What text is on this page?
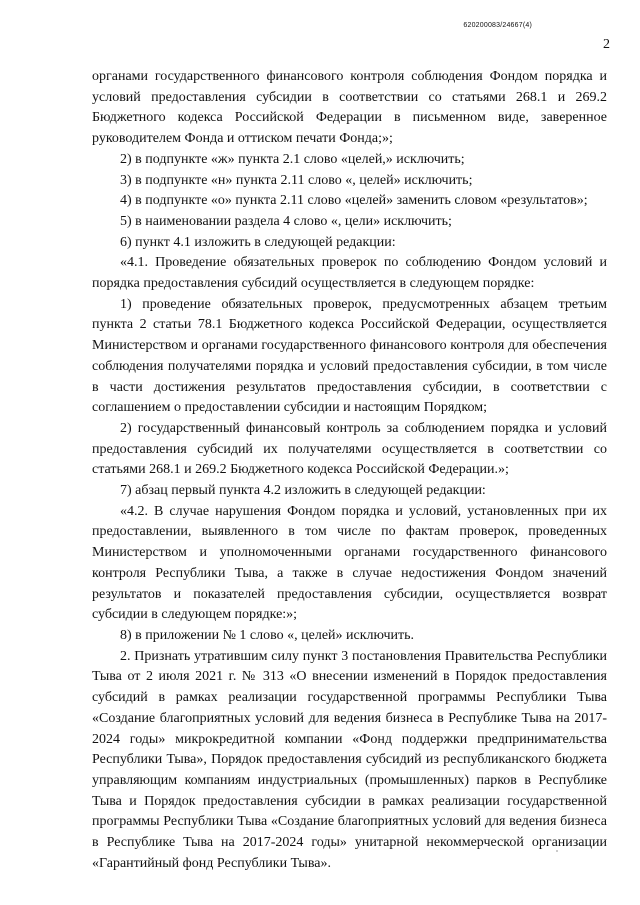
620200083/24667(4)
2

органами государственного финансового контроля соблюдения Фондом порядка и условий предоставления субсидии в соответствии со статьями 268.1 и 269.2 Бюджетного кодекса Российской Федерации в письменном виде, заверенное руководителем Фонда и оттиском печати Фонда;»;

2) в подпункте «ж» пункта 2.1 слово «целей,» исключить;

3) в подпункте «н» пункта 2.11 слово «, целей» исключить;

4) в подпункте «о» пункта 2.11 слово «целей» заменить словом «результатов»;

5) в наименовании раздела 4 слово «, цели» исключить;

6) пункт 4.1 изложить в следующей редакции:

«4.1. Проведение обязательных проверок по соблюдению Фондом условий и порядка предоставления субсидий осуществляется в следующем порядке:

1) проведение обязательных проверок, предусмотренных абзацем третьим пункта 2 статьи 78.1 Бюджетного кодекса Российской Федерации, осуществляется Министерством и органами государственного финансового контроля для обеспечения соблюдения получателями порядка и условий предоставления субсидии, в том числе в части достижения результатов предоставления субсидии, в соответствии с соглашением о предоставлении субсидии и настоящим Порядком;

2) государственный финансовый контроль за соблюдением порядка и условий предоставления субсидий их получателями осуществляется в соответствии со статьями 268.1 и 269.2 Бюджетного кодекса Российской Федерации.»;

7) абзац первый пункта 4.2 изложить в следующей редакции:

«4.2. В случае нарушения Фондом порядка и условий, установленных при их предоставлении, выявленного в том числе по фактам проверок, проведенных Министерством и уполномоченными органами государственного финансового контроля Республики Тыва, а также в случае недостижения Фондом значений результатов и показателей предоставления субсидии, осуществляется возврат субсидии в следующем порядке:»;

8) в приложении № 1 слово «, целей» исключить.

2. Признать утратившим силу пункт 3 постановления Правительства Республики Тыва от 2 июля 2021 г. № 313 «О внесении изменений в Порядок предоставления субсидий в рамках реализации государственной программы Республики Тыва «Создание благоприятных условий для ведения бизнеса в Республике Тыва на 2017-2024 годы» микрокредитной компании «Фонд поддержки предпринимательства Республики Тыва», Порядок предоставления субсидий из республиканского бюджета управляющим компаниям индустриальных (промышленных) парков в Республике Тыва и Порядок предоставления субсидии в рамках реализации государственной программы Республики Тыва «Создание благоприятных условий для ведения бизнеса в Республике Тыва на 2017-2024 годы» унитарной некоммерческой организации «Гарантийный фонд Республики Тыва».
